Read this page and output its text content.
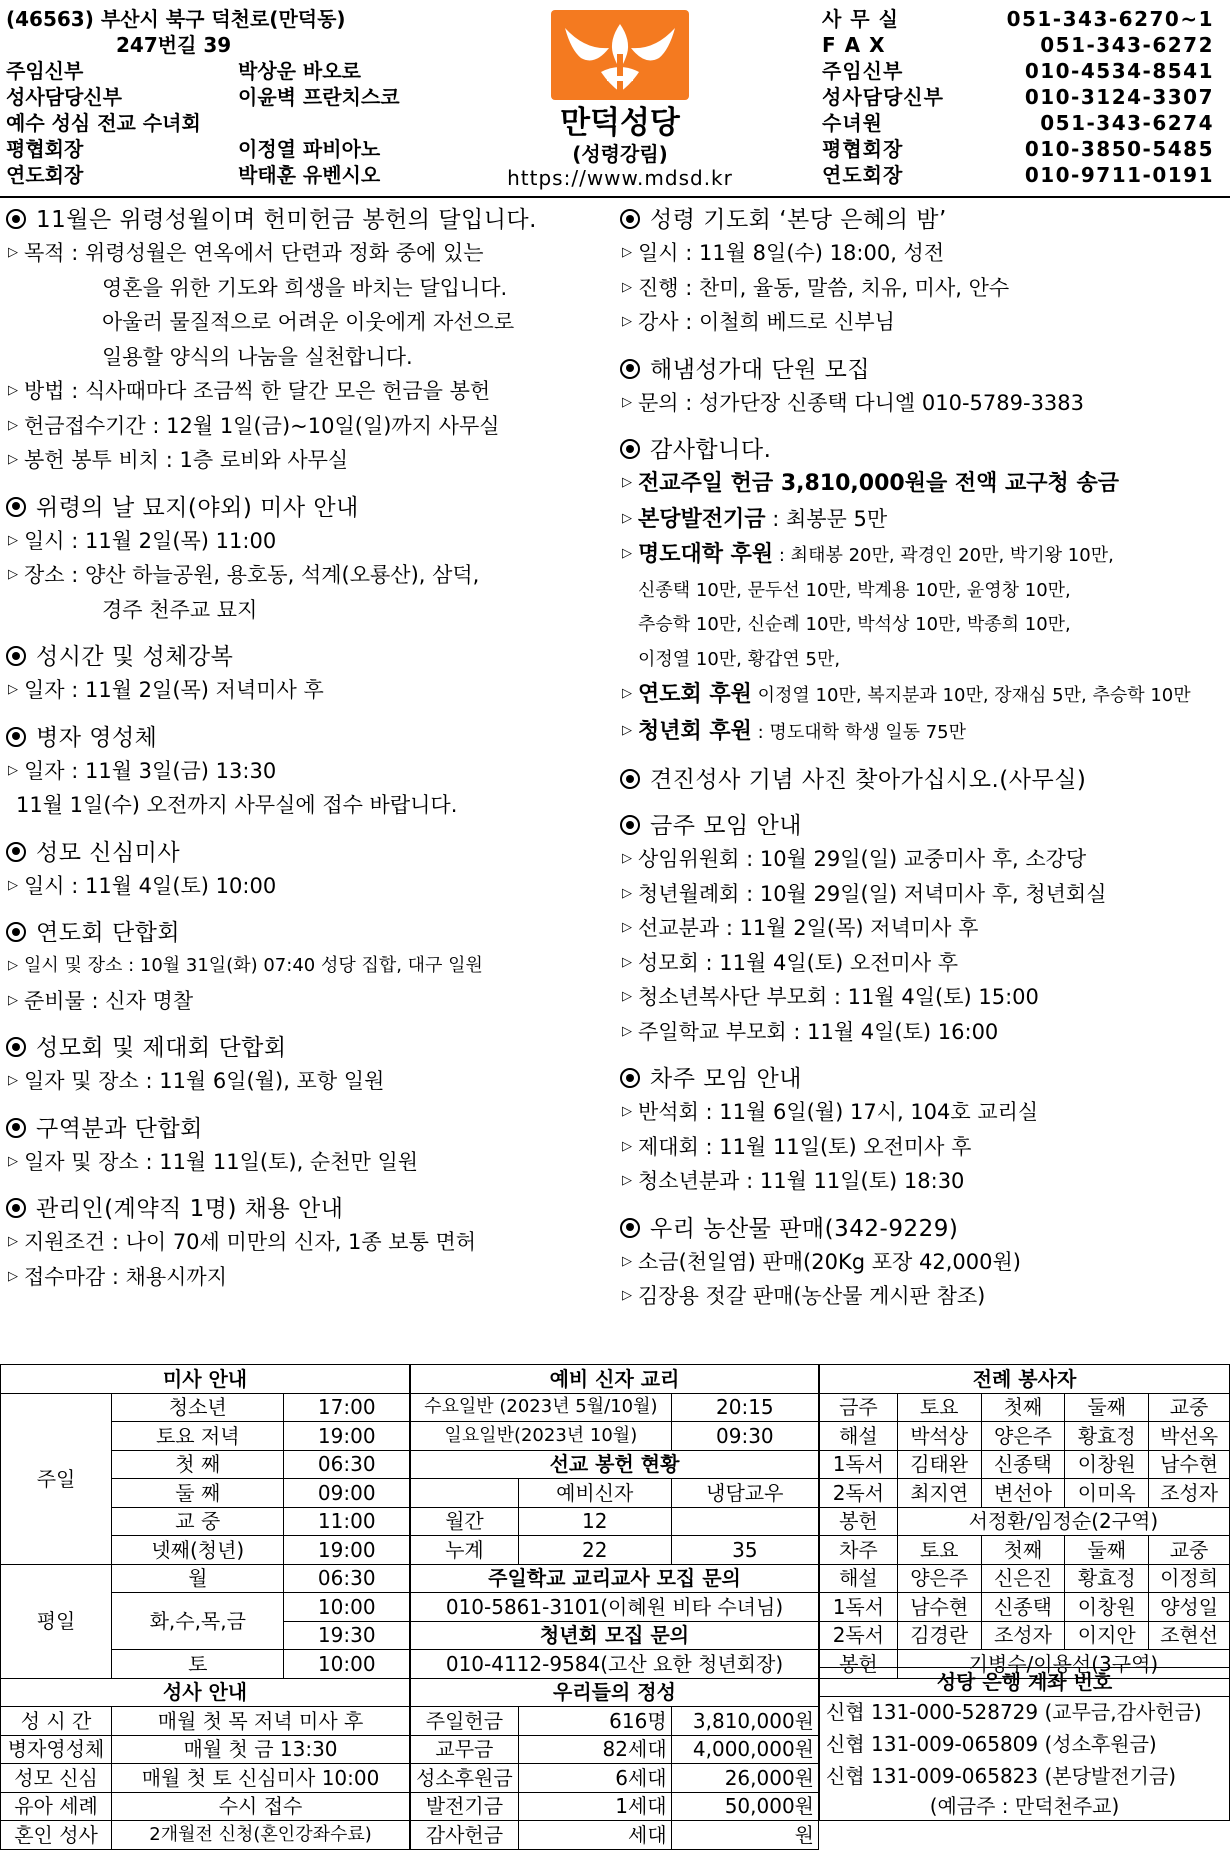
(46563) 부산시 북구 덕천로(만덕동)
247번길 39
주임신부	박상운 바오로
성사담당신부	이윤벽 프란치스코
예수 성심 전교 수녀회
평협회장	이정열 파비아노
연도회장	박태훈 유벤시오
만덕성당
(성령강림)
https://www.mdsd.kr
사 무 실	051-343-6270~1
F A X	051-343-6272
주임신부	010-4534-8541
성사담당신부	010-3124-3307
수녀원	051-343-6274
평협회장	010-3850-5485
연도회장	010-9711-0191
11월은 위령성월이며 헌미헌금 봉헌의 달입니다.
▷ 목적 : 위령성월은 연옥에서 단련과 정화 중에 있는
영혼을 위한 기도와 희생을 바치는 달입니다.
아울러 물질적으로 어려운 이웃에게 자선으로
일용할 양식의 나눔을 실천합니다.
▷ 방법 : 식사때마다 조금씩 한 달간 모은 헌금을 봉헌
▷ 헌금접수기간 : 12월 1일(금)~10일(일)까지 사무실
▷ 봉헌 봉투 비치 : 1층 로비와 사무실
위령의 날 묘지(야외) 미사 안내
▷ 일시 : 11월 2일(목) 11:00
▷ 장소 : 양산 하늘공원, 용호동, 석계(오룡산), 삼덕,
경주 천주교 묘지
성시간 및 성체강복
▷ 일자 : 11월 2일(목) 저녁미사 후
병자 영성체
▷ 일자 : 11월 3일(금) 13:30
11월 1일(수) 오전까지 사무실에 접수 바랍니다.
성모 신심미사
▷ 일시 : 11월 4일(토) 10:00
연도회 단합회
▷ 일시 및 장소 : 10월 31일(화) 07:40 성당 집합, 대구 일원
▷ 준비물 : 신자 명찰
성모회 및 제대회 단합회
▷ 일자 및 장소 : 11월 6일(월), 포항 일원
구역분과 단합회
▷ 일자 및 장소 : 11월 11일(토), 순천만 일원
관리인(계약직 1명) 채용 안내
▷ 지원조건 : 나이 70세 미만의 신자, 1종 보통 면허
▷ 접수마감 : 채용시까지
성령 기도회 ‘본당 은혜의 밤’
▷ 일시 : 11월 8일(수) 18:00, 성전
▷ 진행 : 찬미, 율동, 말씀, 치유, 미사, 안수
▷ 강사 : 이철희 베드로 신부님
해냄성가대 단원 모집
▷ 문의 : 성가단장 신종택 다니엘 010-5789-3383
감사합니다.
▷ 전교주일 헌금 3,810,000원을 전액 교구청 송금
▷ 본당발전기금 : 최봉문 5만
▷ 명도대학 후원 : 최태봉 20만, 곽경인 20만, 박기왕 10만,
신종택 10만, 문두선 10만, 박계용 10만, 윤영창 10만,
추승학 10만, 신순례 10만, 박석상 10만, 박종희 10만,
이정열 10만, 황갑연 5만,
▷ 연도회 후원 이정열 10만, 복지분과 10만, 장재심 5만, 추승학 10만
▷ 청년회 후원 : 명도대학 학생 일동 75만
견진성사 기념 사진 찾아가십시오.(사무실)
금주 모임 안내
▷ 상임위원회 : 10월 29일(일) 교중미사 후, 소강당
▷ 청년월례회 : 10월 29일(일) 저녁미사 후, 청년회실
▷ 선교분과 : 11월 2일(목) 저녁미사 후
▷ 성모회 : 11월 4일(토) 오전미사 후
▷ 청소년복사단 부모회 : 11월 4일(토) 15:00
▷ 주일학교 부모회 : 11월 4일(토) 16:00
차주 모임 안내
▷ 반석회 : 11월 6일(월) 17시, 104호 교리실
▷ 제대회 : 11월 11일(토) 오전미사 후
▷ 청소년분과 : 11월 11일(토) 18:30
우리 농산물 판매(342-9229)
▷ 소금(천일염) 판매(20Kg 포장 42,000원)
▷ 김장용 젓갈 판매(농산물 게시판 참조)
미사 안내		
주일	청소년	17:00
	토요 저녁	19:00
	첫 째	06:30
	둘 째	09:00
	교 중	11:00
	넷째(청년)	19:00
평일	월	06:30
	화,수,목,금	10:00
		19:30
	토	10:00
성사 안내		
성 시 간	매월 첫 목 저녁 미사 후	
병자영성체	매월 첫 금 13:30	
성모 신심	매월 첫 토 신심미사 10:00	
유아 세례	수시 접수	
혼인 성사	2개월전 신청(혼인강좌수료)	
예비 신자 교리		
수요일반 (2023년 5월/10월)		20:15
일요일반(2023년 10월)		09:30
선교 봉헌 현황		
	예비신자	냉담교우
월간	12	
누계	22	35
주일학교 교리교사 모집 문의		
010-5861-3101(이혜원 비타 수녀님)		
청년회 모집 문의		
010-4112-9584(고산 요한 청년회장)		
우리들의 정성		
주일헌금	616명	3,810,000원
교무금	82세대	4,000,000원
성소후원금	6세대	26,000원
발전기금	1세대	50,000원
감사헌금	세대	원
전례 봉사자				
금주	토요	첫째	둘째	교중
해설	박석상	양은주	황효정	박선옥
1독서	김태완	신종택	이창원	남수현
2독서	최지연	변선아	이미옥	조성자
봉헌	서정환/임정순(2구역)			
차주	토요	첫째	둘째	교중
해설	양은주	신은진	황효정	이정희
1독서	남수현	신종택	이창원	양성일
2독서	김경란	조성자	이지안	조현선
봉헌	기병수/이용선(3구역)			
성당 은행 계좌 번호
신협 131-000-528729 (교무금,감사헌금)
신협 131-009-065809 (성소후원금)
신협 131-009-065823 (본당발전기금)
(예금주 : 만덕천주교)
